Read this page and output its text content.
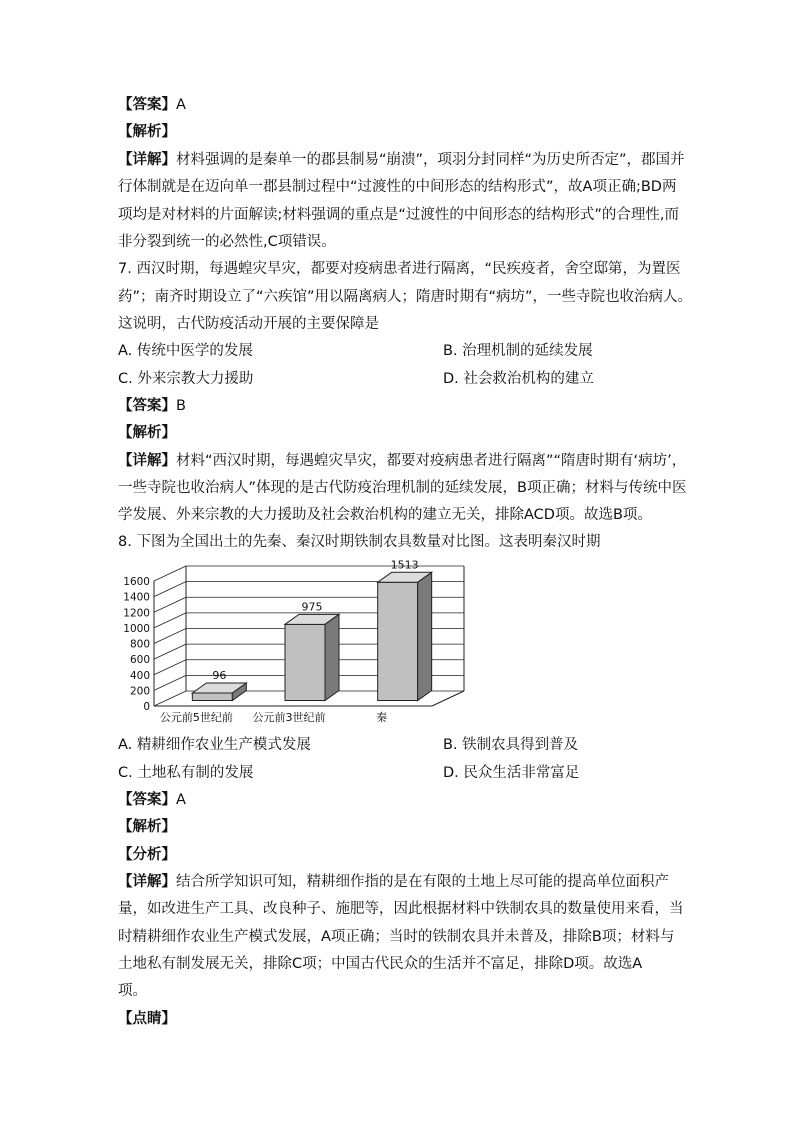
【答案】A
【解析】
【详解】材料强调的是秦单一的郡县制易“崩溃”，项羽分封同样“为历史所否定”，郡国并
行体制就是在迈向单一郡县制过程中“过渡性的中间形态的结构形式”，故A项正确;BD两
项均是对材料的片面解读;材料强调的重点是“过渡性的中间形态的结构形式”的合理性,而
非分裂到统一的必然性,C项错误。
7. 西汉时期，每遇蝗灾旱灾，都要对疫病患者进行隔离，“民疾疫者，舍空邸第，为置医
药”；南齐时期设立了“六疾馆”用以隔离病人；隋唐时期有“病坊”，一些寺院也收治病人。
这说明，古代防疫活动开展的主要保障是
A. 传统中医学的发展	B. 治理机制的延续发展
C. 外来宗教大力援助	D. 社会救治机构的建立
【答案】B
【解析】
【详解】材料“西汉时期，每遇蝗灾旱灾，都要对疫病患者进行隔离”“隋唐时期有‘病坊’，
一些寺院也收治病人”体现的是古代防疫治理机制的延续发展，B项正确；材料与传统中医
学发展、外来宗教的大力援助及社会救治机构的建立无关，排除ACD项。故选B项。
8. 下图为全国出土的先秦、秦汉时期铁制农具数量对比图。这表明秦汉时期
0
200
400
600
800
1000
1200
1400
1600
96
975
1513
公元前5世纪前 公元前3世纪前	秦
A. 精耕细作农业生产模式发展	B. 铁制农具得到普及
C. 土地私有制的发展	D. 民众生活非常富足
【答案】A
【解析】
【分析】
【详解】结合所学知识可知，精耕细作指的是在有限的土地上尽可能的提高单位面积产
量，如改进生产工具、改良种子、施肥等，因此根据材料中铁制农具的数量使用来看，当
时精耕细作农业生产模式发展，A项正确；当时的铁制农具并未普及，排除B项；材料与
土地私有制发展无关，排除C项；中国古代民众的生活并不富足，排除D项。故选A
项。
【点睛】
